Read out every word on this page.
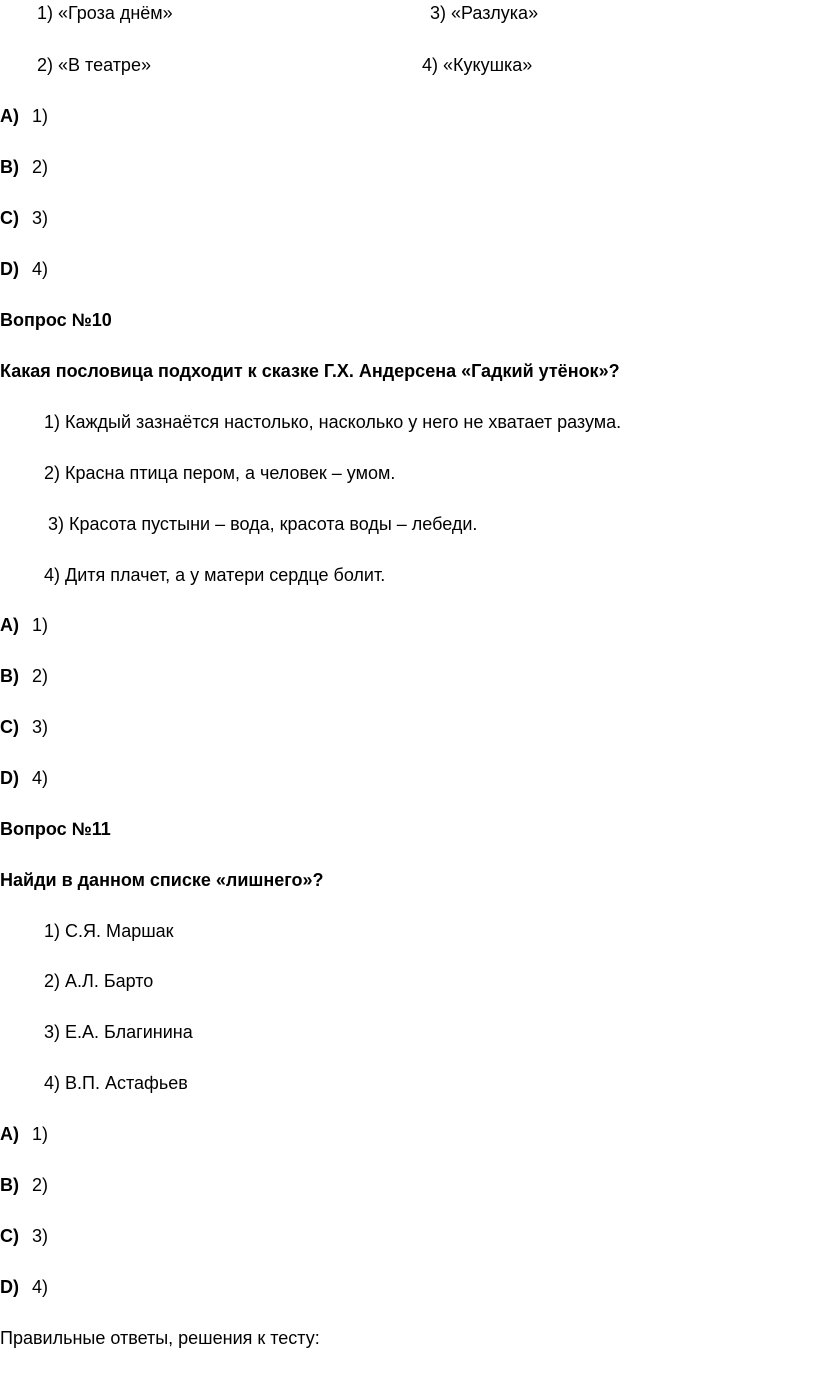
1) «Гроза днём»	3) «Разлука»
2) «В театре»	4) «Кукушка»
A) 1)
B) 2)
C) 3)
D) 4)
Вопрос №10
Какая пословица подходит к сказке Г.Х. Андерсена «Гадкий утёнок»?
1) Каждый зазнаётся настолько, насколько у него не хватает разума.
2) Красна птица пером, а человек – умом.
3) Красота пустыни – вода, красота воды – лебеди.
4) Дитя плачет, а у матери сердце болит.
A) 1)
B) 2)
C) 3)
D) 4)
Вопрос №11
Найди в данном списке «лишнего»?
1) С.Я. Маршак
2) А.Л. Барто
3) Е.А. Благинина
4) В.П. Астафьев
A) 1)
B) 2)
C) 3)
D) 4)
Правильные ответы, решения к тесту:
